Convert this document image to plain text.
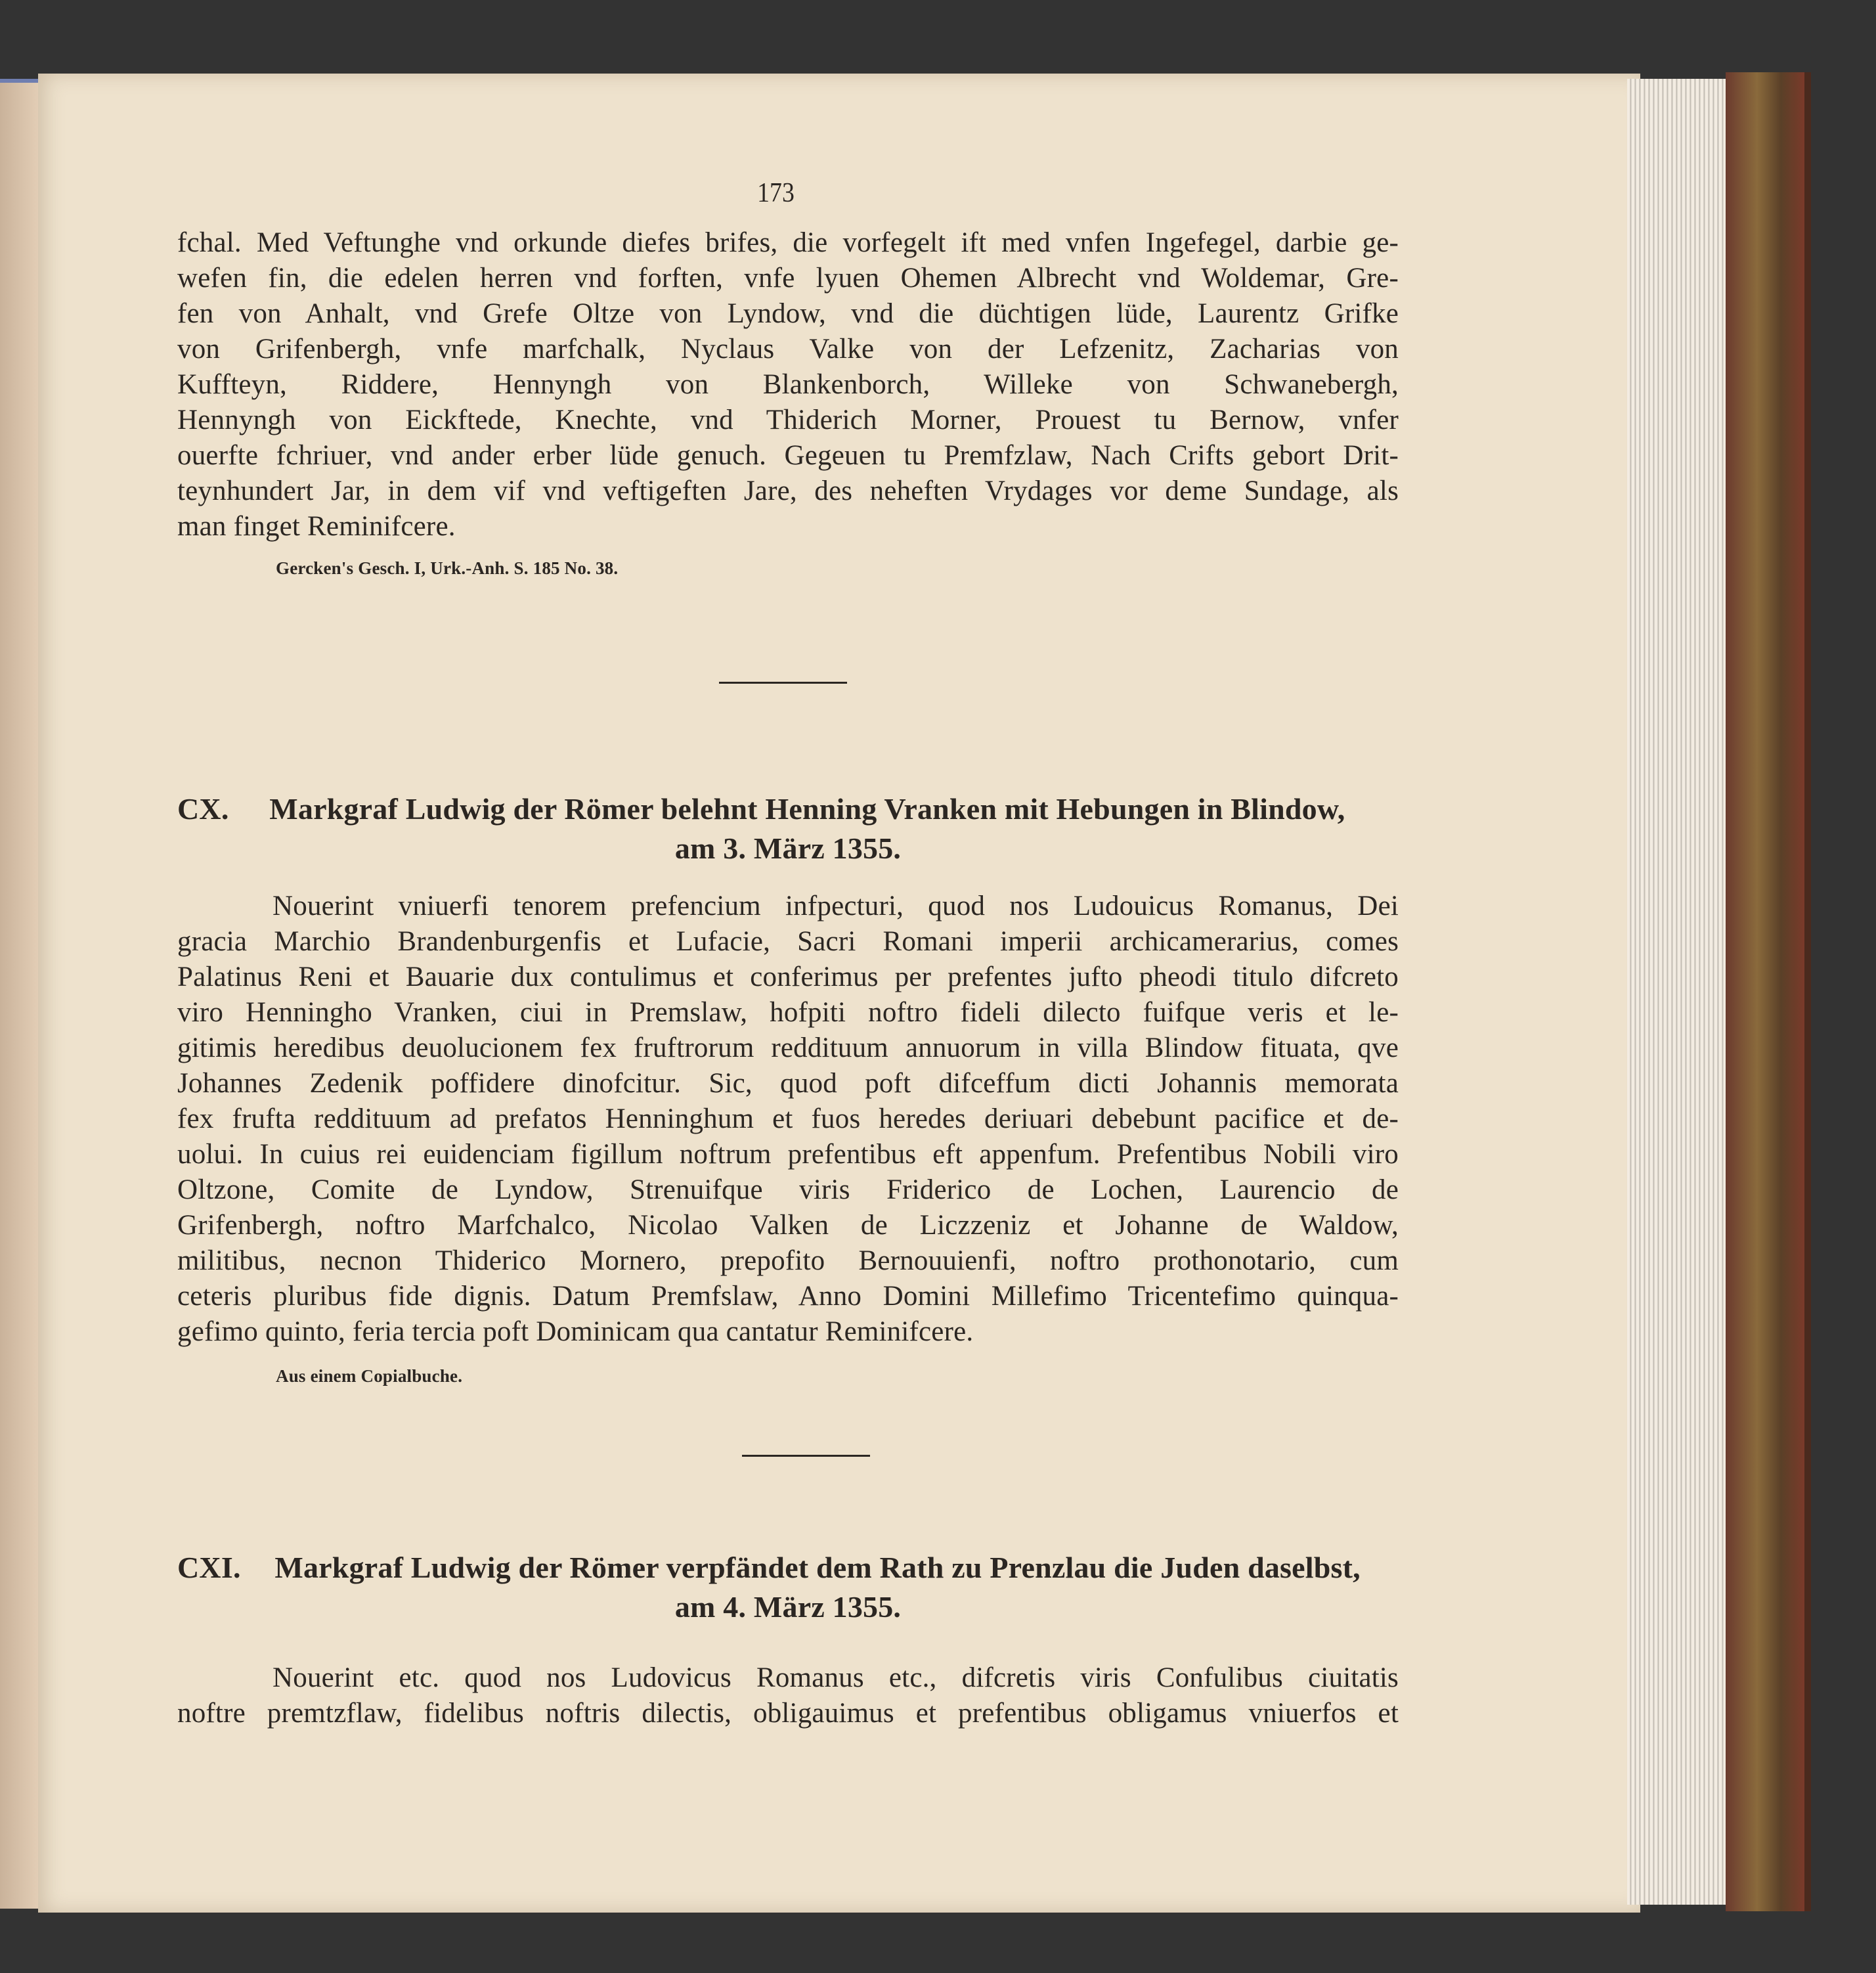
173
fchal. Med Veftunghe vnd orkunde diefes brifes, die vorfegelt ift med vnfen Ingefegel, darbie ge-
wefen fin, die edelen herren vnd forften, vnfe lyuen Ohemen Albrecht vnd Woldemar, Gre-
fen von Anhalt, vnd Grefe Oltze von Lyndow, vnd die düchtigen lüde, Laurentz Grifke
von Grifenbergh, vnfe marfchalk, Nyclaus Valke von der Lefzenitz, Zacharias von
Kuffteyn, Riddere, Hennyngh von Blankenborch, Willeke von Schwanebergh,
Hennyngh von Eickftede, Knechte, vnd Thiderich Morner, Prouest tu Bernow, vnfer
ouerfte fchriuer, vnd ander erber lüde genuch. Gegeuen tu Premfzlaw, Nach Crifts gebort Drit-
teynhundert Jar, in dem vif vnd veftigeften Jare, des neheften Vrydages vor deme Sundage, als
man finget Reminifcere.
Gercken's Gesch. I, Urk.-Anh. S. 185 No. 38.
CX. Markgraf Ludwig der Römer belehnt Henning Vranken mit Hebungen in Blindow,
am 3. März 1355.
Nouerint vniuerfi tenorem prefencium infpecturi, quod nos Ludouicus Romanus, Dei
gracia Marchio Brandenburgenfis et Lufacie, Sacri Romani imperii archicamerarius, comes
Palatinus Reni et Bauarie dux contulimus et conferimus per prefentes jufto pheodi titulo difcreto
viro Henningho Vranken, ciui in Premslaw, hofpiti noftro fideli dilecto fuifque veris et le-
gitimis heredibus deuolucionem fex fruftrorum reddituum annuorum in villa Blindow fituata, qve
Johannes Zedenik poffidere dinofcitur. Sic, quod poft difceffum dicti Johannis memorata
fex frufta reddituum ad prefatos Henninghum et fuos heredes deriuari debebunt pacifice et de-
uolui. In cuius rei euidenciam figillum noftrum prefentibus eft appenfum. Prefentibus Nobili viro
Oltzone, Comite de Lyndow, Strenuifque viris Friderico de Lochen, Laurencio de
Grifenbergh, noftro Marfchalco, Nicolao Valken de Liczzeniz et Johanne de Waldow,
militibus, necnon Thiderico Mornero, prepofito Bernouuienfi, noftro prothonotario, cum
ceteris pluribus fide dignis. Datum Premfslaw, Anno Domini Millefimo Tricentefimo quinqua-
gefimo quinto, feria tercia poft Dominicam qua cantatur Reminifcere.
Aus einem Copialbuche.
CXI. Markgraf Ludwig der Römer verpfändet dem Rath zu Prenzlau die Juden daselbst,
am 4. März 1355.
Nouerint etc. quod nos Ludovicus Romanus etc., difcretis viris Confulibus ciuitatis
noftre premtzflaw, fidelibus noftris dilectis, obligauimus et prefentibus obligamus vniuerfos et
